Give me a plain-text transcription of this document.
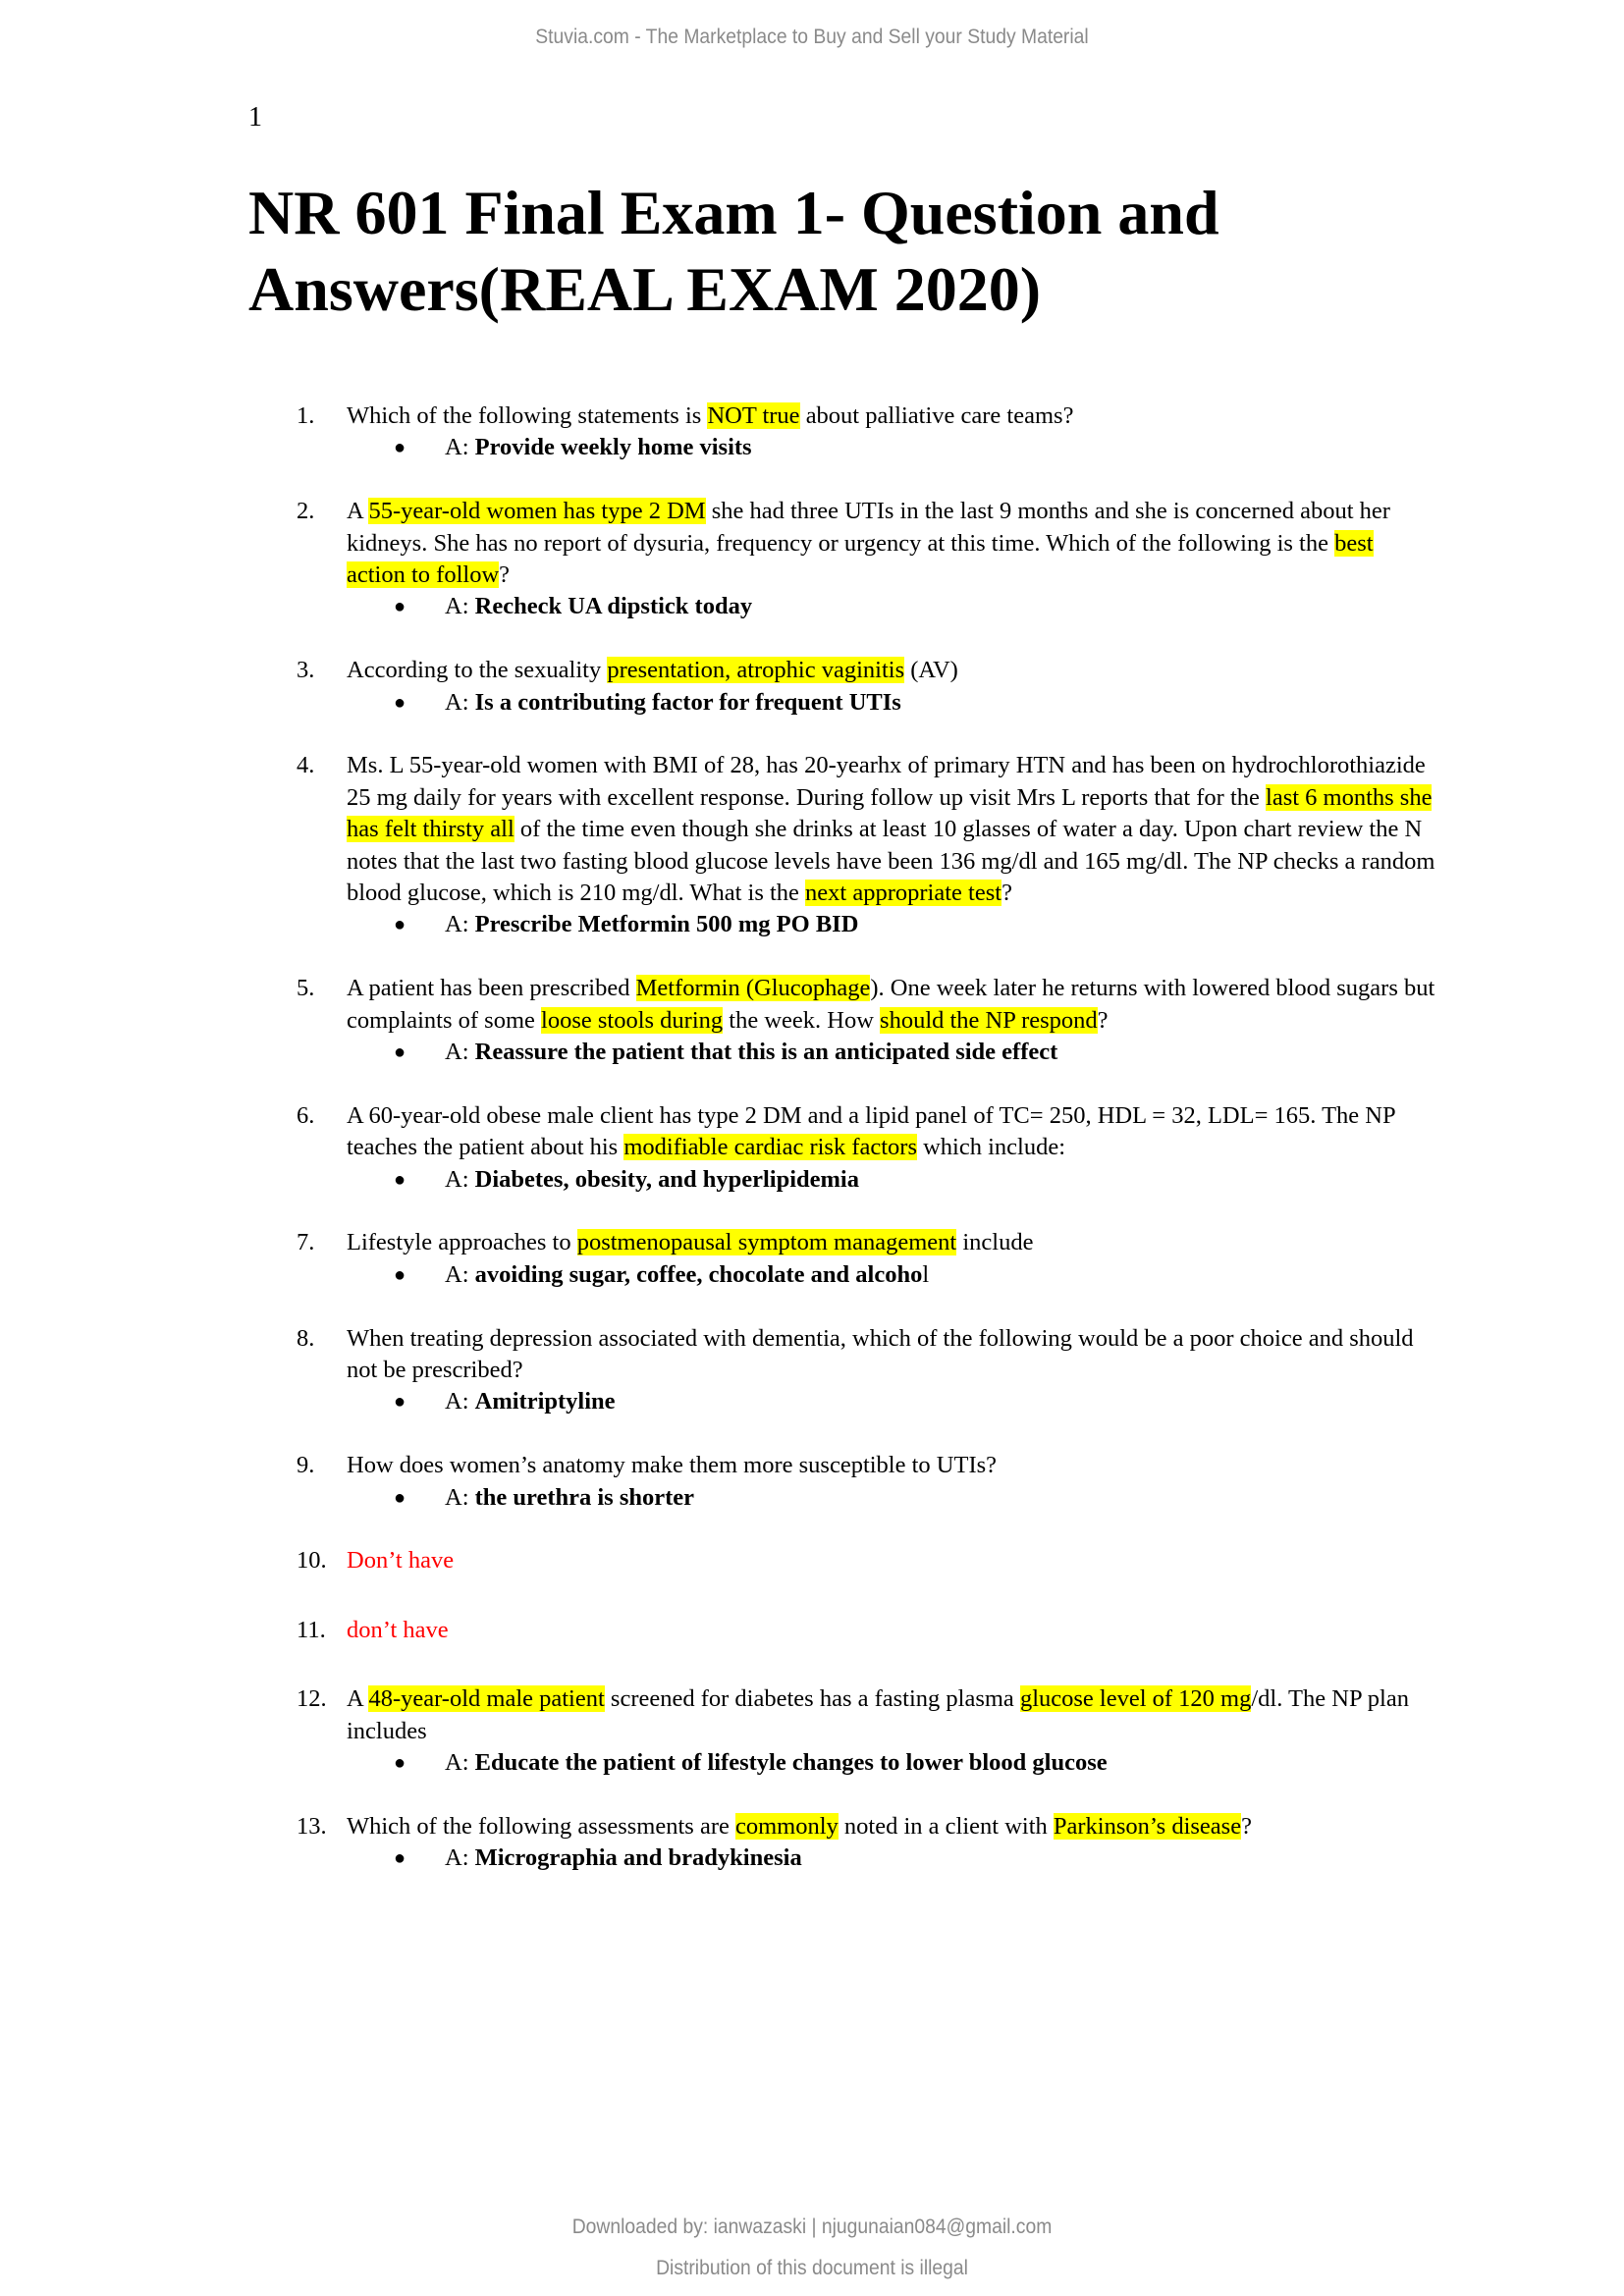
Stuvia.com - The Marketplace to Buy and Sell your Study Material
1
NR 601 Final Exam 1- Question and
Answers(REAL EXAM 2020)
1. Which of the following statements is NOT true about palliative care teams?
● A: Provide weekly home visits
2. A 55-year-old women has type 2 DM she had three UTIs in the last 9 months and she is concerned about her kidneys. She has no report of dysuria, frequency or urgency at this time. Which of the following is the best action to follow?
● A: Recheck UA dipstick today
3. According to the sexuality presentation, atrophic vaginitis (AV)
● A: Is a contributing factor for frequent UTIs
4. Ms. L 55-year-old women with BMI of 28, has 20-yearhx of primary HTN and has been on hydrochlorothiazide 25 mg daily for years with excellent response. During follow up visit Mrs L reports that for the last 6 months she has felt thirsty all of the time even though she drinks at least 10 glasses of water a day. Upon chart review the N notes that the last two fasting blood glucose levels have been 136 mg/dl and 165 mg/dl. The NP checks a random blood glucose, which is 210 mg/dl. What is the next appropriate test?
● A: Prescribe Metformin 500 mg PO BID
5. A patient has been prescribed Metformin (Glucophage). One week later he returns with lowered blood sugars but complaints of some loose stools during the week. How should the NP respond?
● A: Reassure the patient that this is an anticipated side effect
6. A 60-year-old obese male client has type 2 DM and a lipid panel of TC= 250, HDL = 32, LDL= 165. The NP teaches the patient about his modifiable cardiac risk factors which include:
● A: Diabetes, obesity, and hyperlipidemia
7. Lifestyle approaches to postmenopausal symptom management include
● A: avoiding sugar, coffee, chocolate and alcohol
8. When treating depression associated with dementia, which of the following would be a poor choice and should not be prescribed?
● A: Amitriptyline
9. How does women’s anatomy make them more susceptible to UTIs?
● A: the urethra is shorter
10. Don’t have
11. don’t have
12. A 48-year-old male patient screened for diabetes has a fasting plasma glucose level of 120 mg/dl. The NP plan includes
● A: Educate the patient of lifestyle changes to lower blood glucose
13. Which of the following assessments are commonly noted in a client with Parkinson’s disease?
● A: Micrographia and bradykinesia
Downloaded by: ianwazaski | njugunaian084@gmail.com
Distribution of this document is illegal
